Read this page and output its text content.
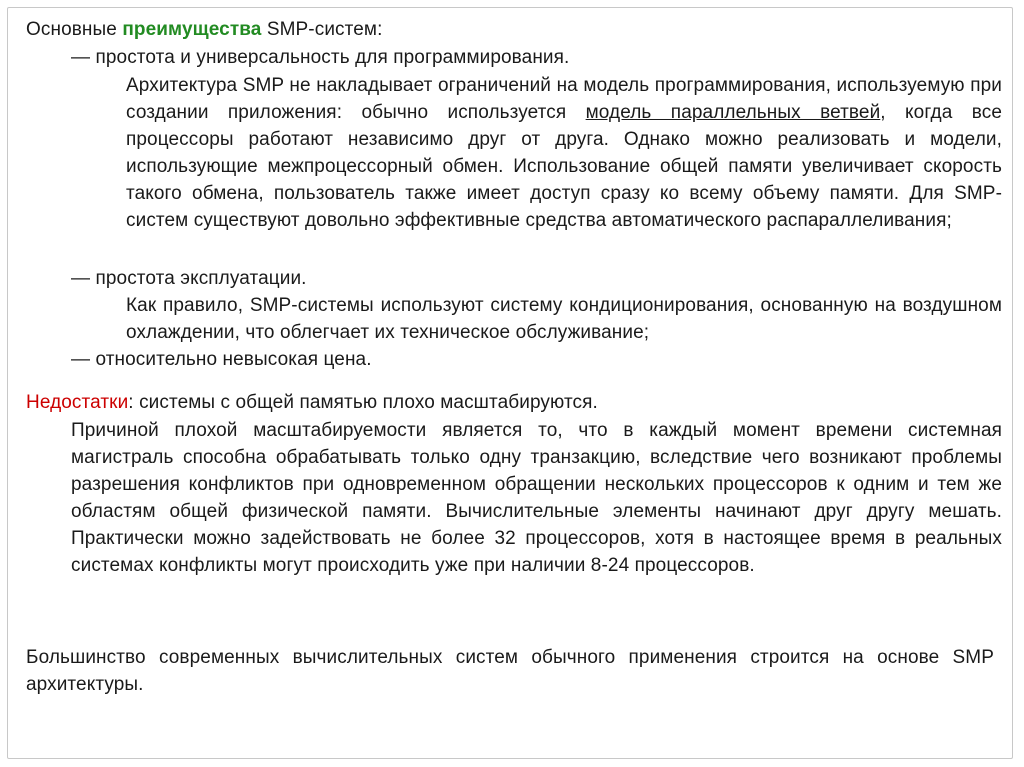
Основные преимущества SMP-систем:
— простота и универсальность для программирования.
Архитектура SMP не накладывает ограничений на модель программирования, используемую при создании приложения: обычно используется модель параллельных ветвей, когда все процессоры работают независимо друг от друга. Однако можно реализовать и модели, использующие межпроцессорный обмен. Использование общей памяти увеличивает скорость такого обмена, пользователь также имеет доступ сразу ко всему объему памяти. Для SMP-систем существуют довольно эффективные средства автоматического распараллеливания;
— простота эксплуатации.
Как правило, SMP-системы используют систему кондиционирования, основанную на воздушном охлаждении, что облегчает их техническое обслуживание;
— относительно невысокая цена.
Недостатки: системы с общей памятью плохо масштабируются.
Причиной плохой масштабируемости является то, что в каждый момент времени системная магистраль способна обрабатывать только одну транзакцию, вследствие чего возникают проблемы разрешения конфликтов при одновременном обращении нескольких процессоров к одним и тем же областям общей физической памяти. Вычислительные элементы начинают друг другу мешать. Практически можно задействовать не более 32 процессоров, хотя в настоящее время в реальных системах конфликты могут происходить уже при наличии 8-24 процессоров.
Большинство современных вычислительных систем обычного применения строится на основе SMP архитектуры.
